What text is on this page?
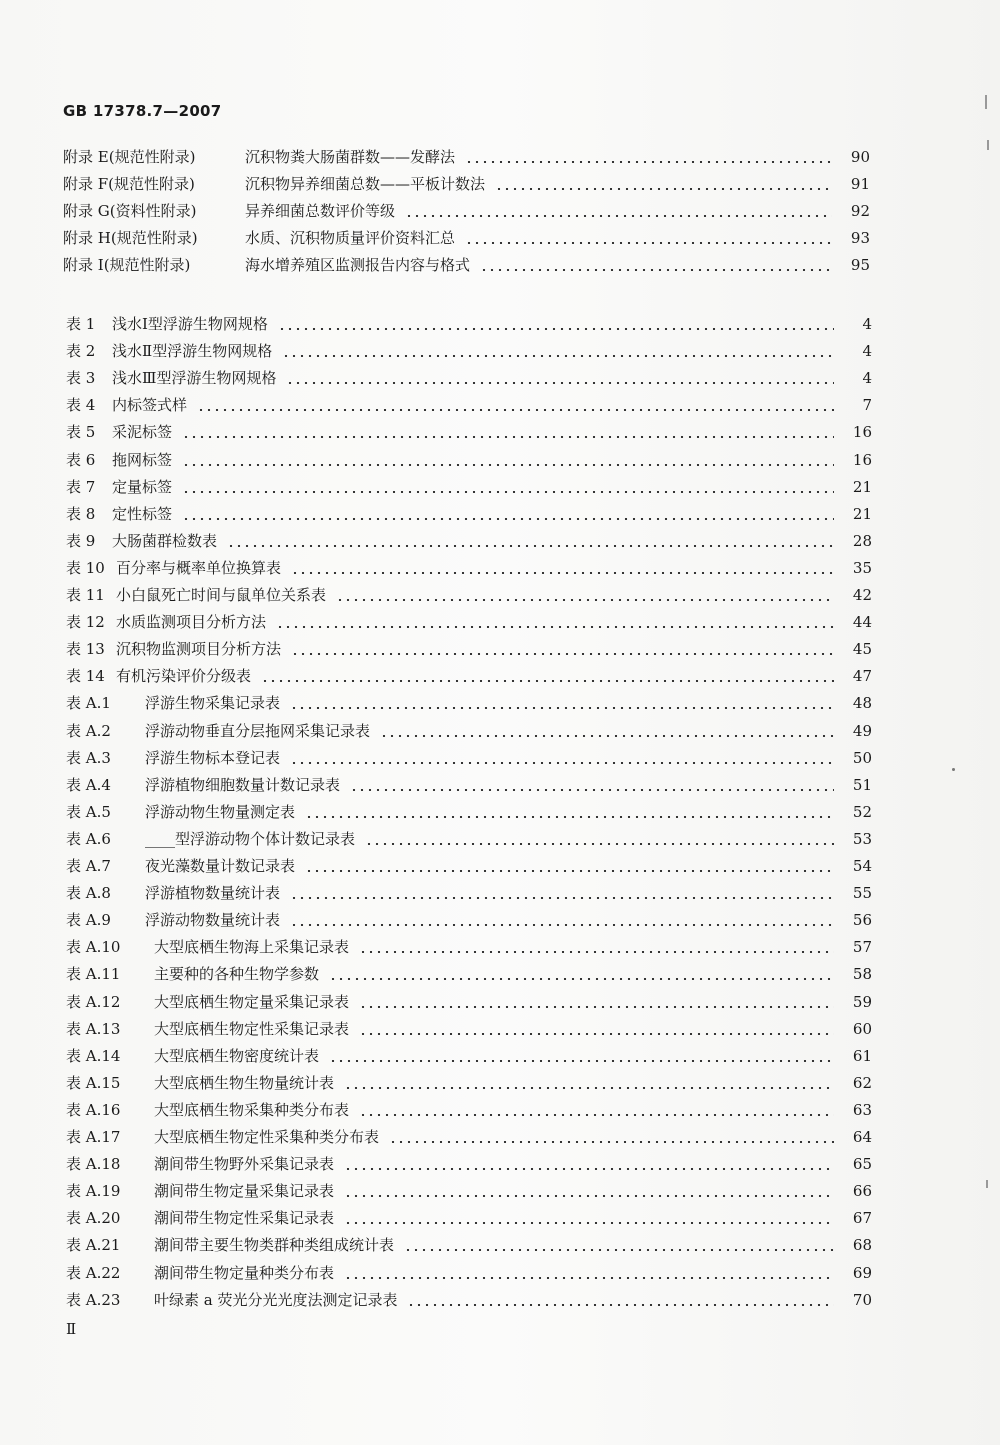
GB 17378.7—2007
附录 E(规范性附录)	沉积物粪大肠菌群数——发酵法	90
附录 F(规范性附录)	沉积物异养细菌总数——平板计数法	91
附录 G(资料性附录)	异养细菌总数评价等级	92
附录 H(规范性附录)	水质、沉积物质量评价资料汇总	93
附录 I(规范性附录)	海水增养殖区监测报告内容与格式	95
表 1	浅水Ⅰ型浮游生物网规格	4
表 2	浅水Ⅱ型浮游生物网规格	4
表 3	浅水Ⅲ型浮游生物网规格	4
表 4	内标签式样	7
表 5	采泥标签	16
表 6	拖网标签	16
表 7	定量标签	21
表 8	定性标签	21
表 9	大肠菌群检数表	28
表 10 百分率与概率单位换算表	35
表 11 小白鼠死亡时间与鼠单位关系表	42
表 12 水质监测项目分析方法	44
表 13 沉积物监测项目分析方法	45
表 14 有机污染评价分级表	47
表 A.1	浮游生物采集记录表	48
表 A.2	浮游动物垂直分层拖网采集记录表	49
表 A.3	浮游生物标本登记表	50
表 A.4	浮游植物细胞数量计数记录表	51
表 A.5	浮游动物生物量测定表	52
表 A.6	____型浮游动物个体计数记录表	53
表 A.7	夜光藻数量计数记录表	54
表 A.8	浮游植物数量统计表	55
表 A.9	浮游动物数量统计表	56
表 A.10	大型底栖生物海上采集记录表	57
表 A.11	主要种的各种生物学参数	58
表 A.12	大型底栖生物定量采集记录表	59
表 A.13	大型底栖生物定性采集记录表	60
表 A.14	大型底栖生物密度统计表	61
表 A.15	大型底栖生物生物量统计表	62
表 A.16	大型底栖生物采集种类分布表	63
表 A.17	大型底栖生物定性采集种类分布表	64
表 A.18	潮间带生物野外采集记录表	65
表 A.19	潮间带生物定量采集记录表	66
表 A.20	潮间带生物定性采集记录表	67
表 A.21	潮间带主要生物类群种类组成统计表	68
表 A.22	潮间带生物定量种类分布表	69
表 A.23	叶绿素 a 荧光分光光度法测定记录表	70
Ⅱ
